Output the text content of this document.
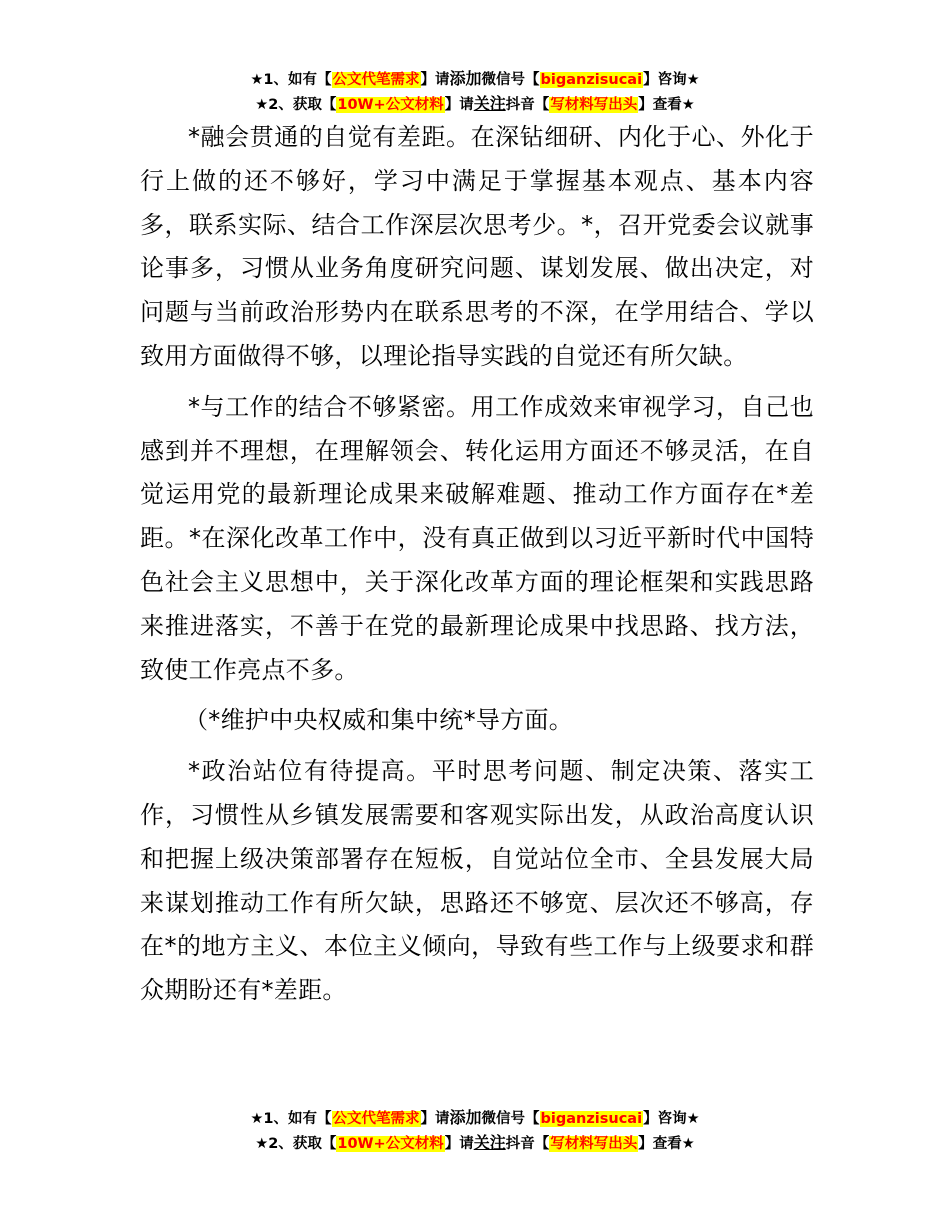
★1、如有【公文代笔需求】请添加微信号【biganzisucai】咨询★
★2、获取【10W+公文材料】请关注抖音【写材料写出头】查看★

*融会贯通的自觉有差距。在深钻细研、内化于心、外化于行上做的还不够好，学习中满足于掌握基本观点、基本内容多，联系实际、结合工作深层次思考少。*，召开党委会议就事论事多，习惯从业务角度研究问题、谋划发展、做出决定，对问题与当前政治形势内在联系思考的不深，在学用结合、学以致用方面做得不够，以理论指导实践的自觉还有所欠缺。

*与工作的结合不够紧密。用工作成效来审视学习，自己也感到并不理想，在理解领会、转化运用方面还不够灵活，在自觉运用党的最新理论成果来破解难题、推动工作方面存在*差距。*在深化改革工作中，没有真正做到以习近平新时代中国特色社会主义思想中，关于深化改革方面的理论框架和实践思路来推进落实，不善于在党的最新理论成果中找思路、找方法，致使工作亮点不多。

（*维护中央权威和集中统*导方面。

*政治站位有待提高。平时思考问题、制定决策、落实工作，习惯性从乡镇发展需要和客观实际出发，从政治高度认识和把握上级决策部署存在短板，自觉站位全市、全县发展大局来谋划推动工作有所欠缺，思路还不够宽、层次还不够高，存在*的地方主义、本位主义倾向，导致有些工作与上级要求和群众期盼还有*差距。

★1、如有【公文代笔需求】请添加微信号【biganzisucai】咨询★
★2、获取【10W+公文材料】请关注抖音【写材料写出头】查看★
